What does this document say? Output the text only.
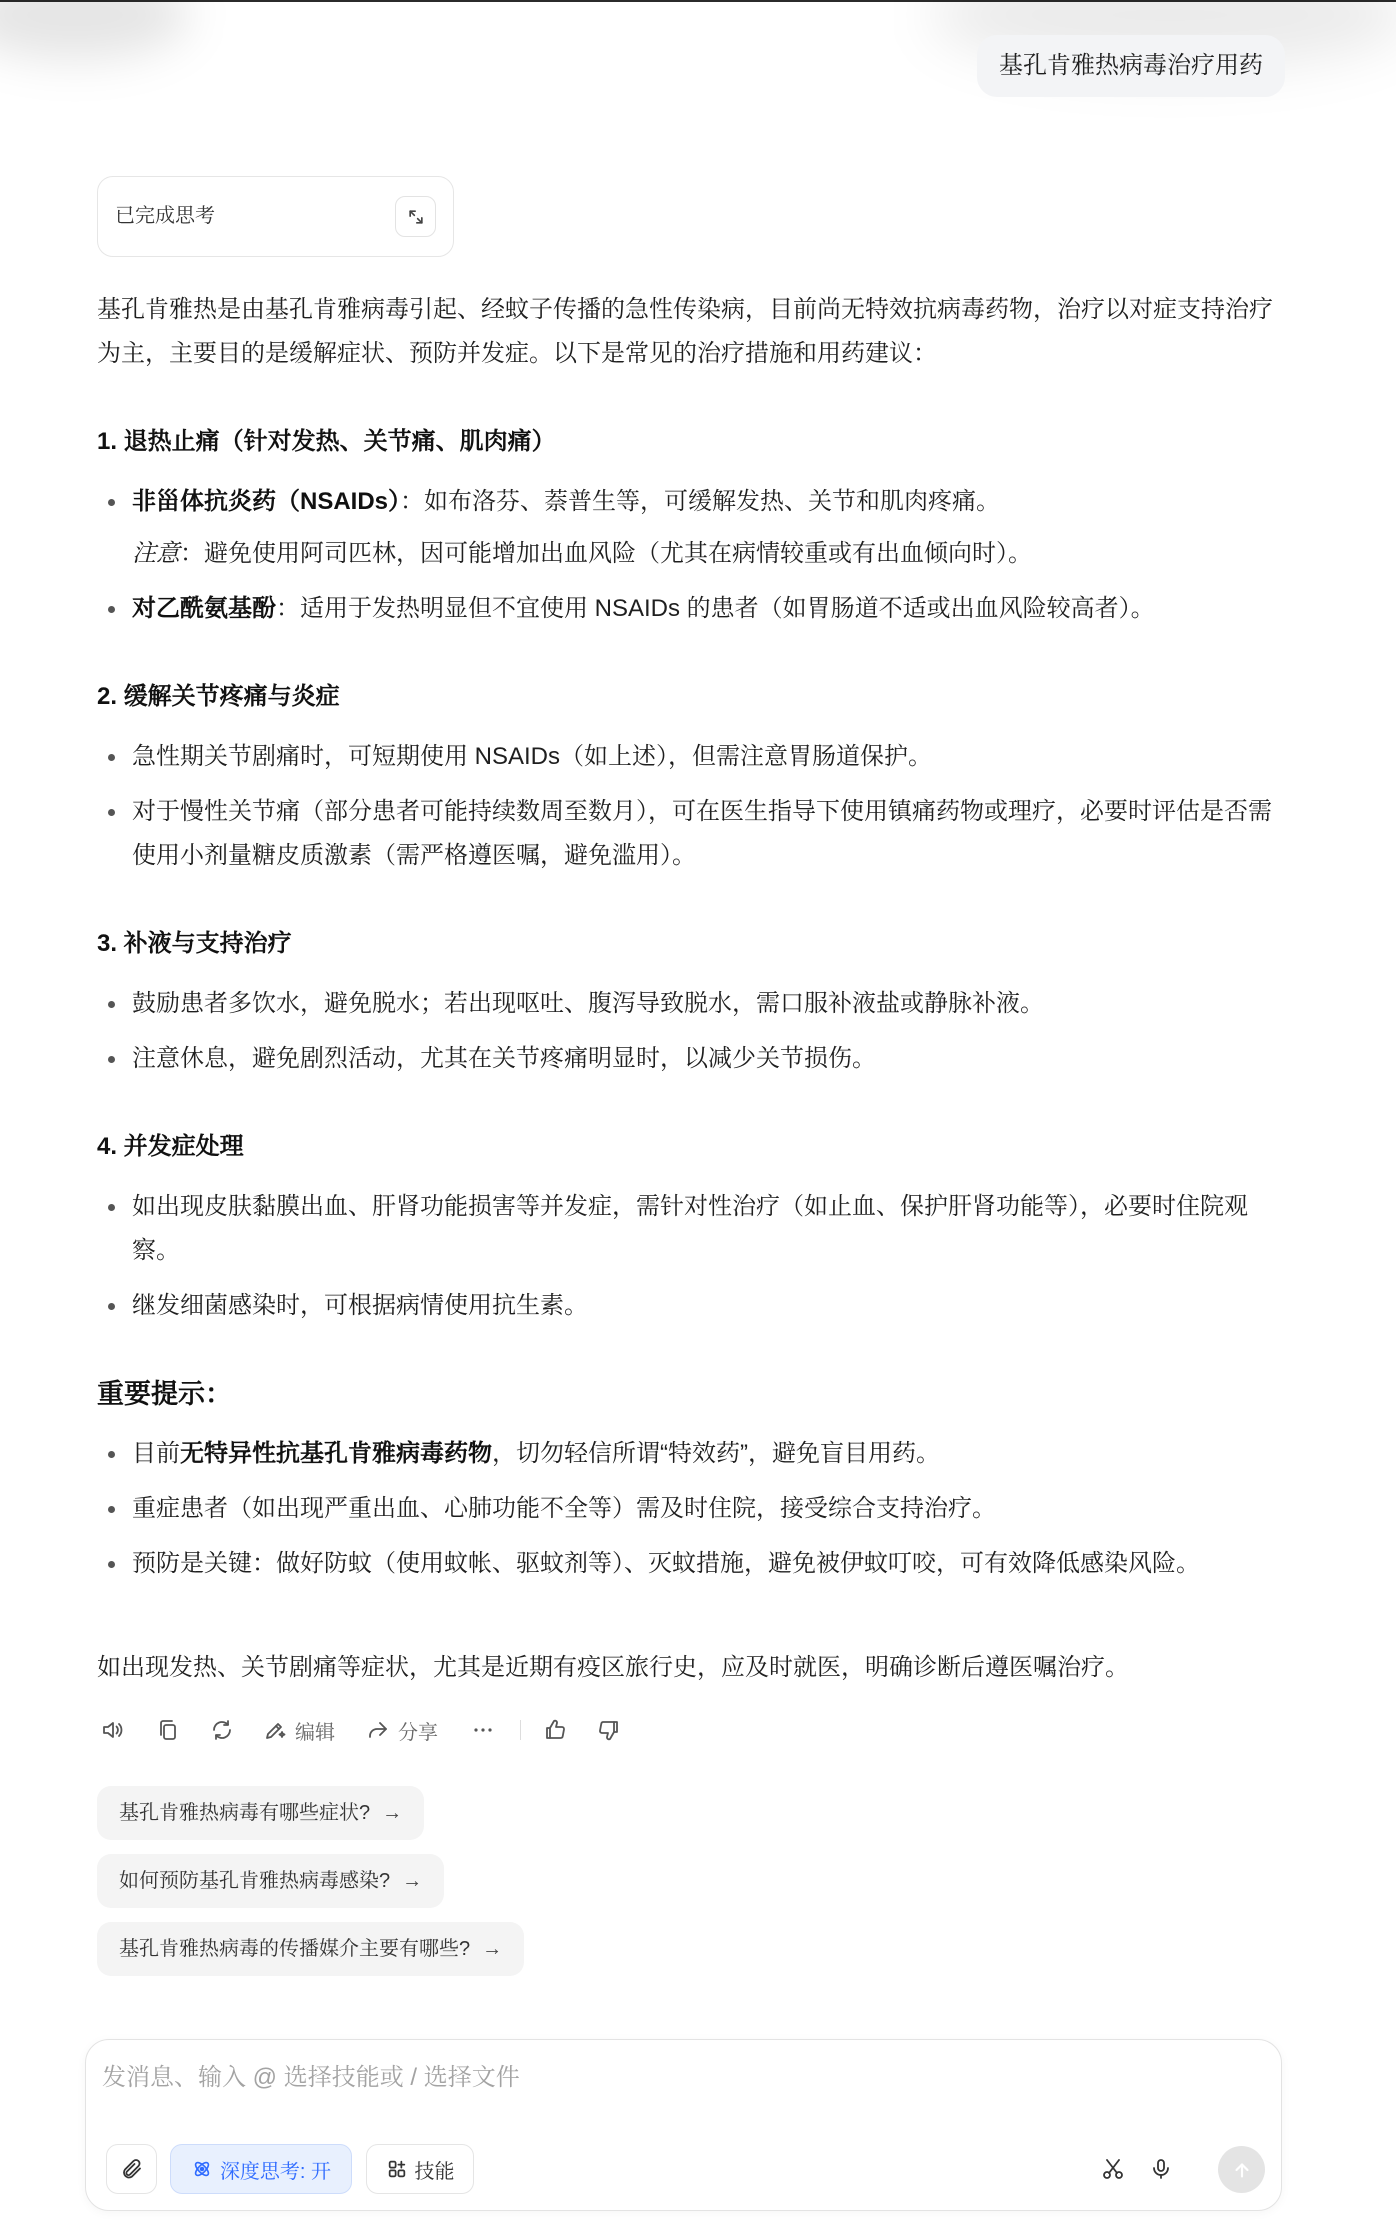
基孔肯雅热病毒治疗用药
已完成思考

基孔肯雅热是由基孔肯雅病毒引起、经蚊子传播的急性传染病，目前尚无特效抗病毒药物，治疗以对症支持治疗为主，主要目的是缓解症状、预防并发症。以下是常见的治疗措施和用药建议：

1. 退热止痛（针对发热、关节痛、肌肉痛）
非甾体抗炎药（NSAIDs）：如布洛芬、萘普生等，可缓解发热、关节和肌肉疼痛。
注意：避免使用阿司匹林，因可能增加出血风险（尤其在病情较重或有出血倾向时）。
对乙酰氨基酚：适用于发热明显但不宜使用 NSAIDs 的患者（如胃肠道不适或出血风险较高者）。
2. 缓解关节疼痛与炎症
急性期关节剧痛时，可短期使用 NSAIDs（如上述），但需注意胃肠道保护。
对于慢性关节痛（部分患者可能持续数周至数月），可在医生指导下使用镇痛药物或理疗，必要时评估是否需使用小剂量糖皮质激素（需严格遵医嘱，避免滥用）。
3. 补液与支持治疗
鼓励患者多饮水，避免脱水；若出现呕吐、腹泻导致脱水，需口服补液盐或静脉补液。
注意休息，避免剧烈活动，尤其在关节疼痛明显时，以减少关节损伤。
4. 并发症处理
如出现皮肤黏膜出血、肝肾功能损害等并发症，需针对性治疗（如止血、保护肝肾功能等），必要时住院观察。
继发细菌感染时，可根据病情使用抗生素。
重要提示：
目前无特异性抗基孔肯雅病毒药物，切勿轻信所谓“特效药”，避免盲目用药。
重症患者（如出现严重出血、心肺功能不全等）需及时住院，接受综合支持治疗。
预防是关键：做好防蚊（使用蚊帐、驱蚊剂等）、灭蚊措施，避免被伊蚊叮咬，可有效降低感染风险。

如出现发热、关节剧痛等症状，尤其是近期有疫区旅行史，应及时就医，明确诊断后遵医嘱治疗。

编辑	分享
基孔肯雅热病毒有哪些症状? →
如何预防基孔肯雅热病毒感染? →
基孔肯雅热病毒的传播媒介主要有哪些? →
发消息、输入 @ 选择技能或 / 选择文件
深度思考: 开	技能
